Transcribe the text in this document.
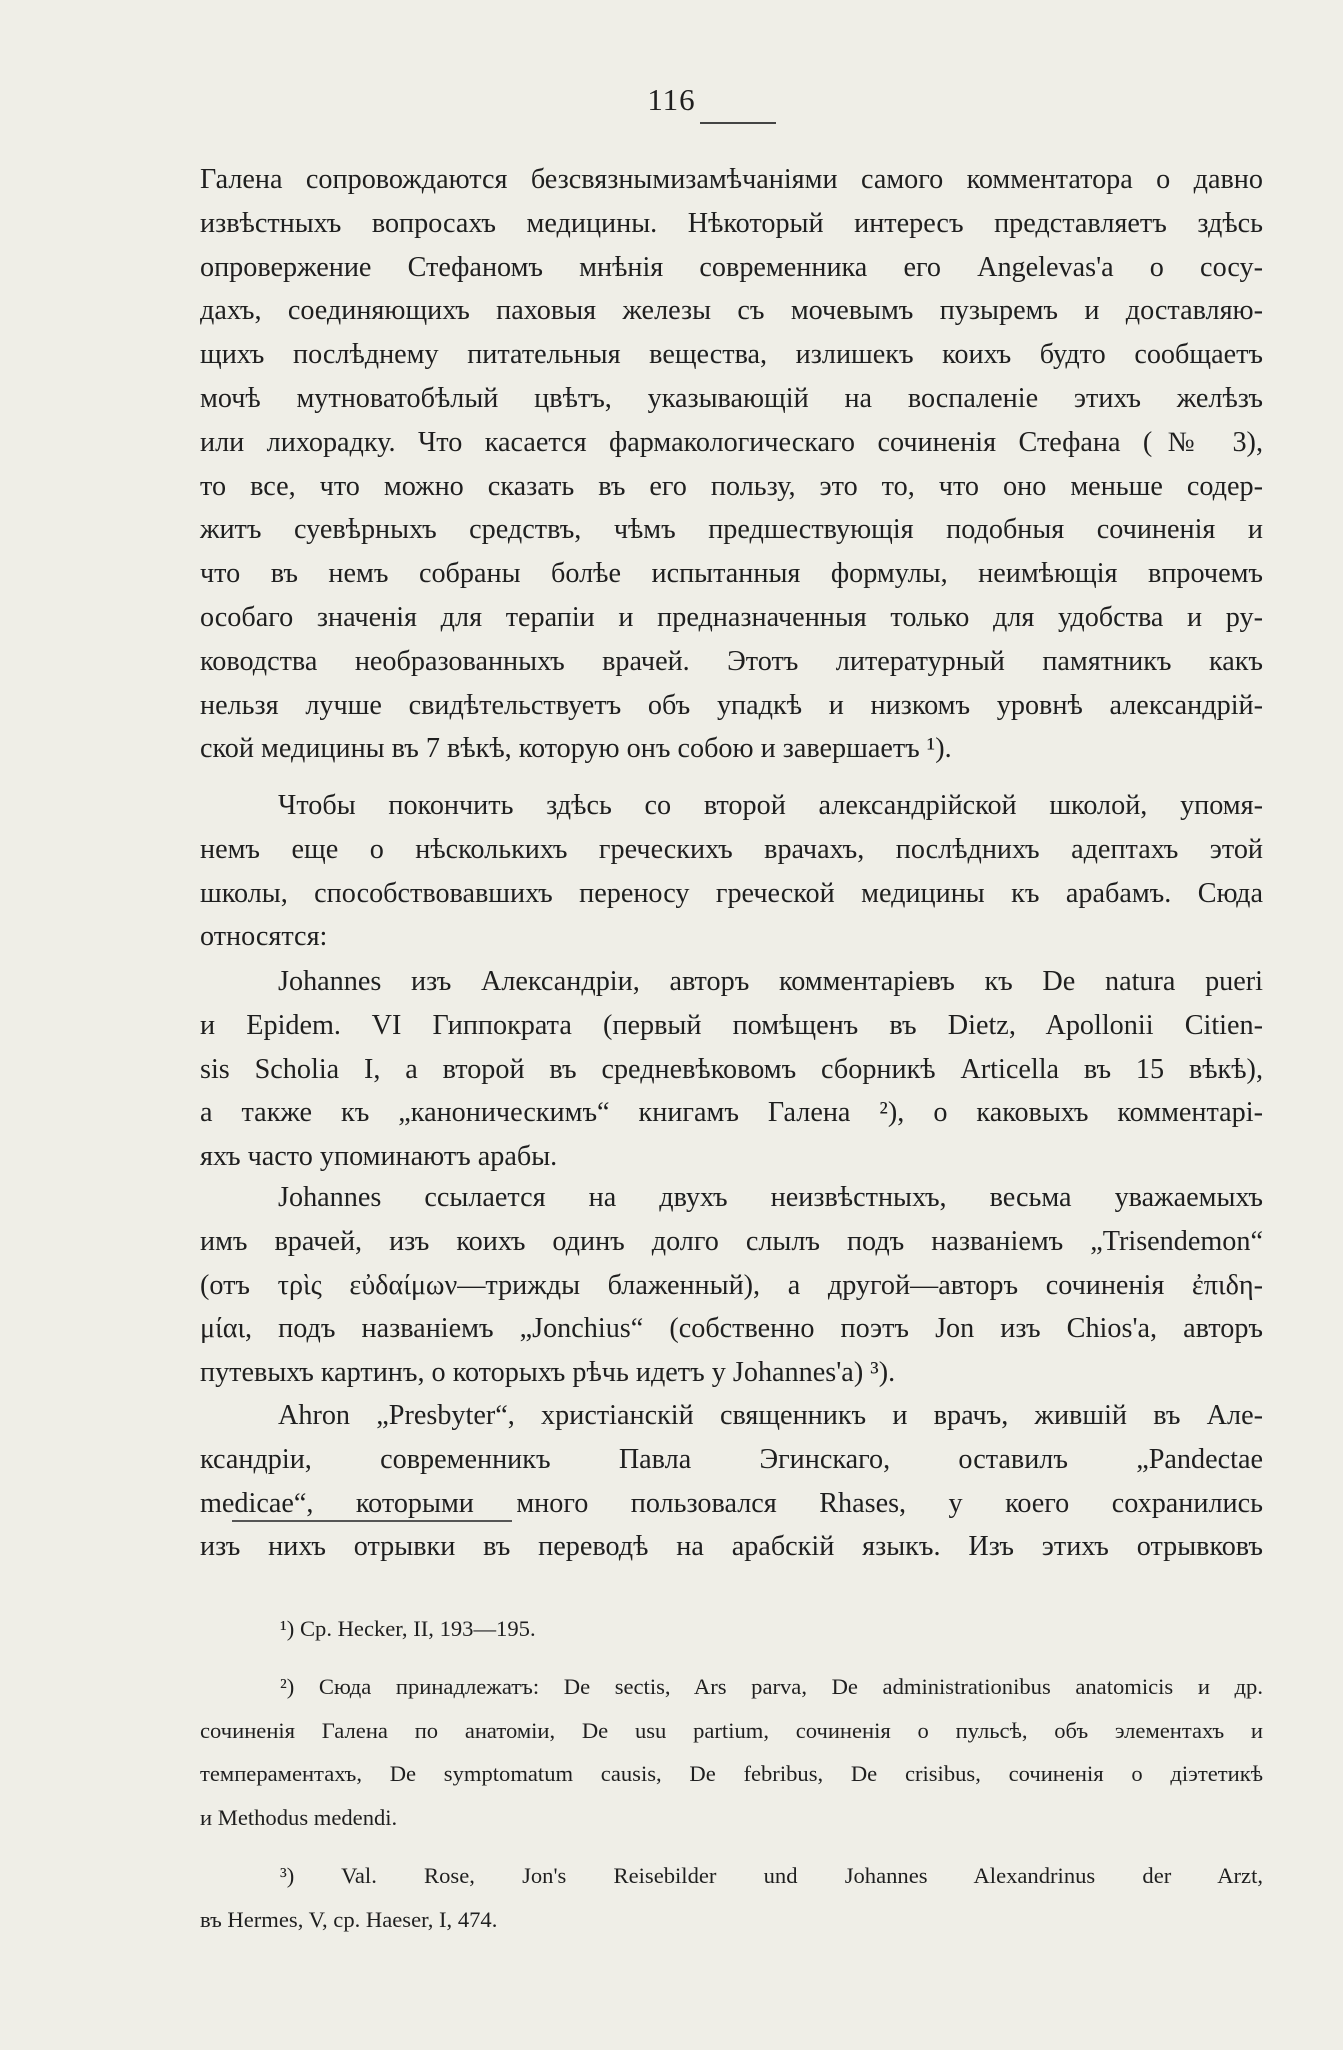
116
Галена сопровождаются безсвязнымизамѣчаніями самого комментатора о давно
извѣстныхъ вопросахъ медицины. Нѣкоторый интересъ представляетъ здѣсь
опровержение Стефаномъ мнѣнія современника его Angelevas'a о сосу-
дахъ, соединяющихъ паховыя железы съ мочевымъ пузыремъ и доставляю-
щихъ послѣднему питательныя вещества, излишекъ коихъ будто сообщаетъ
мочѣ мутноватобѣлый цвѣтъ, указывающій на воспаленіе этихъ желѣзъ
или лихорадку. Что касается фармакологическаго сочиненія Стефана (№ 3),
то все, что можно сказать въ его пользу, это то, что оно меньше содер-
житъ суевѣрныхъ средствъ, чѣмъ предшествующія подобныя сочиненія и
что въ немъ собраны болѣе испытанныя формулы, неимѣющія впрочемъ
особаго значенія для терапіи и предназначенныя только для удобства и ру-
ководства необразованныхъ врачей. Этотъ литературный памятникъ какъ
нельзя лучше свидѣтельствуетъ объ упадкѣ и низкомъ уровнѣ александрій-
ской медицины въ 7 вѣкѣ, которую онъ собою и завершаетъ ¹).
Чтобы покончить здѣсь со второй александрійской школой, упомя-
немъ еще о нѣсколькихъ греческихъ врачахъ, послѣднихъ адептахъ этой
школы, способствовавшихъ переносу греческой медицины къ арабамъ. Сюда
относятся:
Johannes изъ Александріи, авторъ комментаріевъ къ De natura pueri
и Epidem. VI Гиппократа (первый помѣщенъ въ Dietz, Apollonii Citien-
sis Scholia I, а второй въ средневѣковомъ сборникѣ Articella въ 15 вѣкѣ),
а также къ „каноническимъ“ книгамъ Галена ²), о каковыхъ комментарі-
яхъ часто упоминаютъ арабы.
Johannes ссылается на двухъ неизвѣстныхъ, весьма уважаемыхъ
имъ врачей, изъ коихъ одинъ долго слылъ подъ названіемъ „Trisendemon“
(отъ τρὶς εὐδαίμων—трижды блаженный), а другой—авторъ сочиненія ἐπιδη-
μίαι, подъ названіемъ „Jonchius“ (собственно поэтъ Jon изъ Chios'a, авторъ
путевыхъ картинъ, о которыхъ рѣчь идетъ у Johannes'a) ³).
Ahron „Presbyter“, христіанскій священникъ и врачъ, жившій въ Але-
ксандріи, современникъ Павла Эгинскаго, оставилъ „Pandectae
medicae“, которыми много пользовался Rhases, у коего сохранились
изъ нихъ отрывки въ переводѣ на арабскій языкъ. Изъ этихъ отрывковъ
¹) Ср. Hecker, II, 193—195.
²) Сюда принадлежатъ: De sectis, Ars parva, De administrationibus anatomicis и др.
сочиненія Галена по анатоміи, De usu partium, сочиненія о пульсѣ, объ элементахъ и
темпераментахъ, De symptomatum causis, De febribus, De crisibus, сочиненія о діэтетикѣ
и Methodus medendi.
³) Val. Rose, Jon's Reisebilder und Johannes Alexandrinus der Arzt,
въ Hermes, V, ср. Haeser, I, 474.
